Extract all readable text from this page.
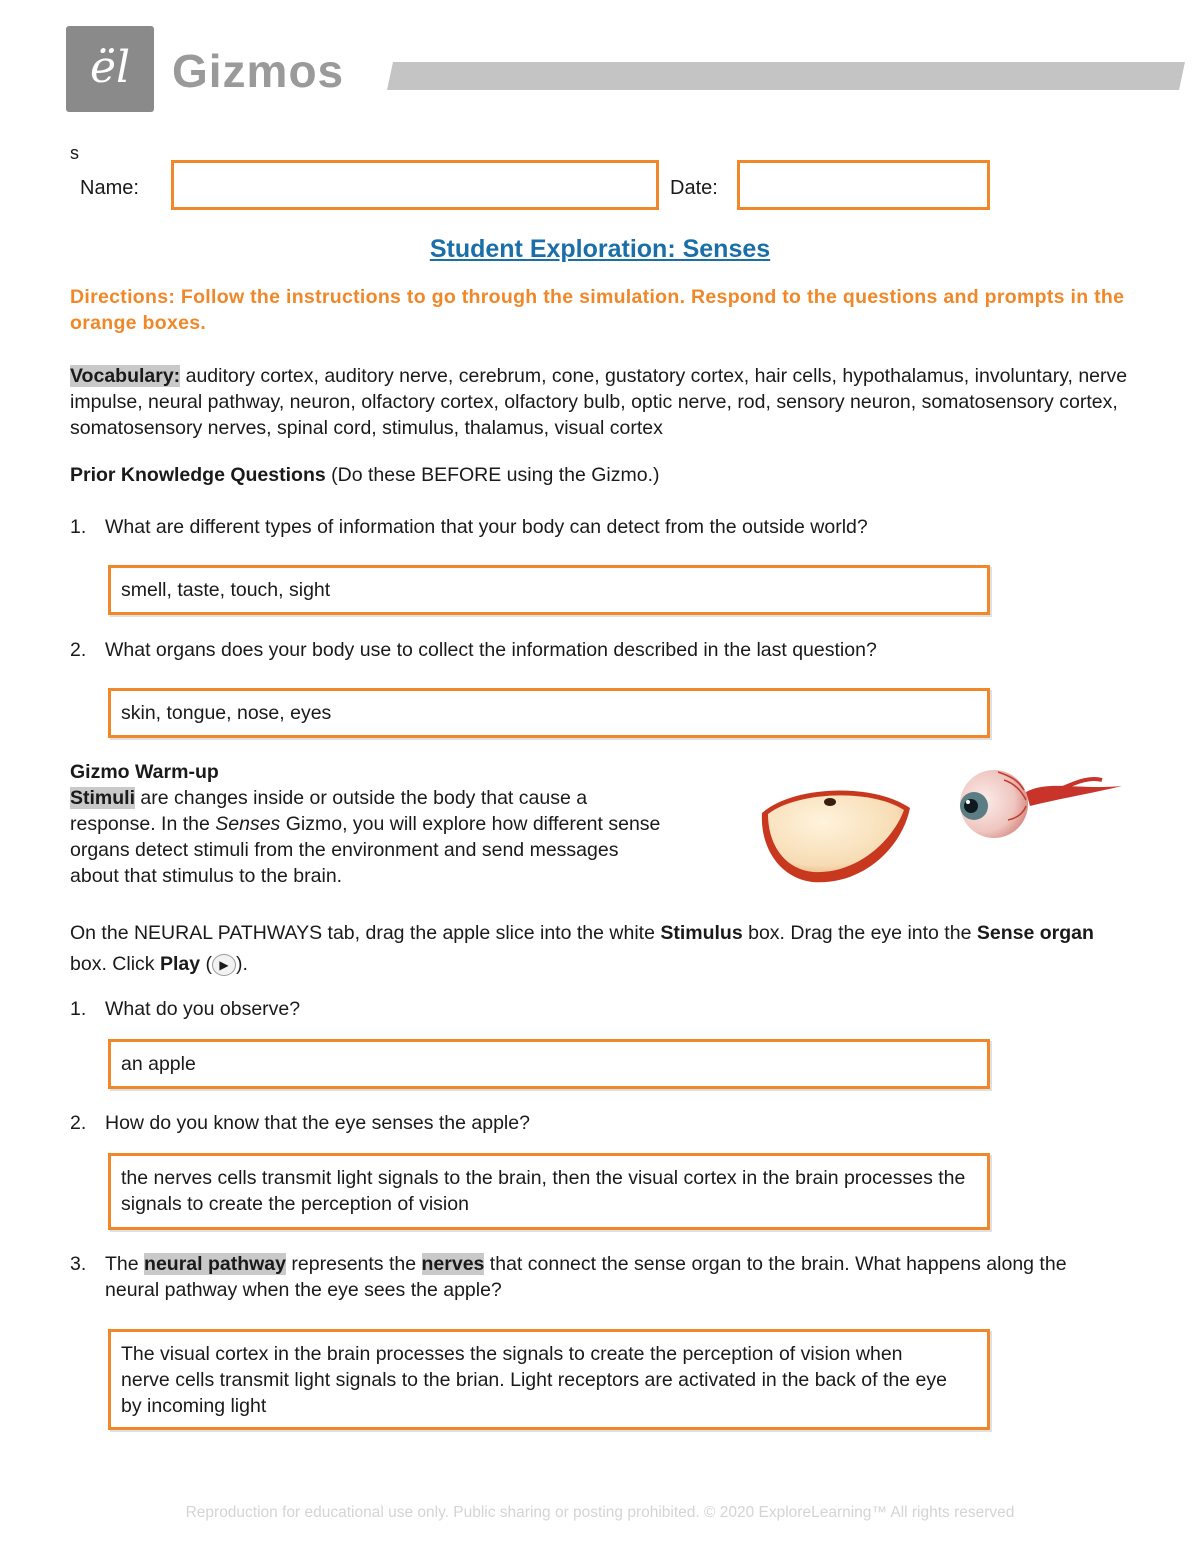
ël Gizmos
s
Name:	Date:
Student Exploration: Senses
Directions: Follow the instructions to go through the simulation. Respond to the questions and prompts in the orange boxes.
Vocabulary: auditory cortex, auditory nerve, cerebrum, cone, gustatory cortex, hair cells, hypothalamus, involuntary, nerve impulse, neural pathway, neuron, olfactory cortex, olfactory bulb, optic nerve, rod, sensory neuron, somatosensory cortex, somatosensory nerves, spinal cord, stimulus, thalamus, visual cortex
Prior Knowledge Questions (Do these BEFORE using the Gizmo.)
1. What are different types of information that your body can detect from the outside world?
smell, taste, touch, sight
2. What organs does your body use to collect the information described in the last question?
skin, tongue, nose, eyes
Gizmo Warm-up
Stimuli are changes inside or outside the body that cause a response. In the Senses Gizmo, you will explore how different sense organs detect stimuli from the environment and send messages about that stimulus to the brain.
On the NEURAL PATHWAYS tab, drag the apple slice into the white Stimulus box. Drag the eye into the Sense organ box. Click Play ( ▶ ).
1. What do you observe?
an apple
2. How do you know that the eye senses the apple?
the nerves cells transmit light signals to the brain, then the visual cortex in the brain processes the signals to create the perception of vision
3. The neural pathway represents the nerves that connect the sense organ to the brain. What happens along the neural pathway when the eye sees the apple?
The visual cortex in the brain processes the signals to create the perception of vision when nerve cells transmit light signals to the brian. Light receptors are activated in the back of the eye by incoming light
Reproduction for educational use only. Public sharing or posting prohibited. © 2020 ExploreLearning™ All rights reserved
